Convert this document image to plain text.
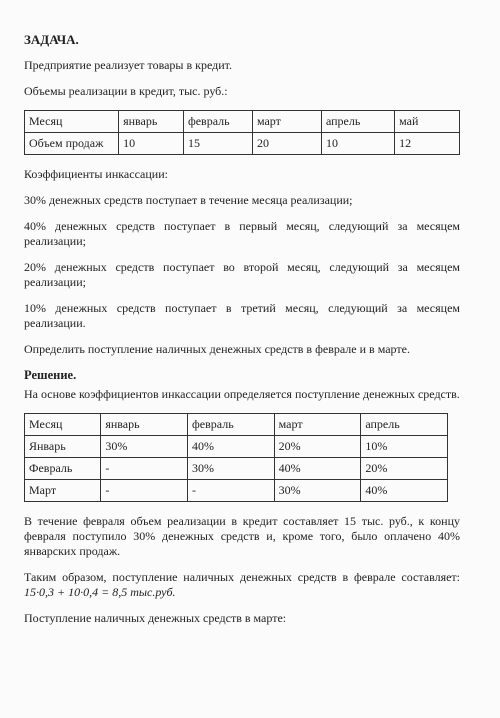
ЗАДАЧА.

Предприятие реализует товары в кредит.

Объемы реализации в кредит, тыс. руб.:

Месяц	январь	февраль	март	апрель	май
Объем продаж	10	15	20	10	12

Коэффициенты инкассации:

30% денежных средств поступает в течение месяца реализации;

40% денежных средств поступает в первый месяц, следующий за месяцем реализации;

20% денежных средств поступает во второй месяц, следующий за месяцем реализации;

10% денежных средств поступает в третий месяц, следующий за месяцем реализации.

Определить поступление наличных денежных средств в феврале и в марте.

Решение.

На основе коэффициентов инкассации определяется поступление денежных средств.

Месяц	январь	февраль	март	апрель
Январь	30%	40%	20%	10%
Февраль	-	30%	40%	20%
Март	-	-	30%	40%

В течение февраля объем реализации в кредит составляет 15 тыс. руб., к концу февраля поступило 30% денежных средств и, кроме того, было оплачено 40% январских продаж.

Таким образом, поступление наличных денежных средств в феврале составляет: 15·0,3 + 10·0,4 = 8,5 тыс.руб.

Поступление наличных денежных средств в марте:
